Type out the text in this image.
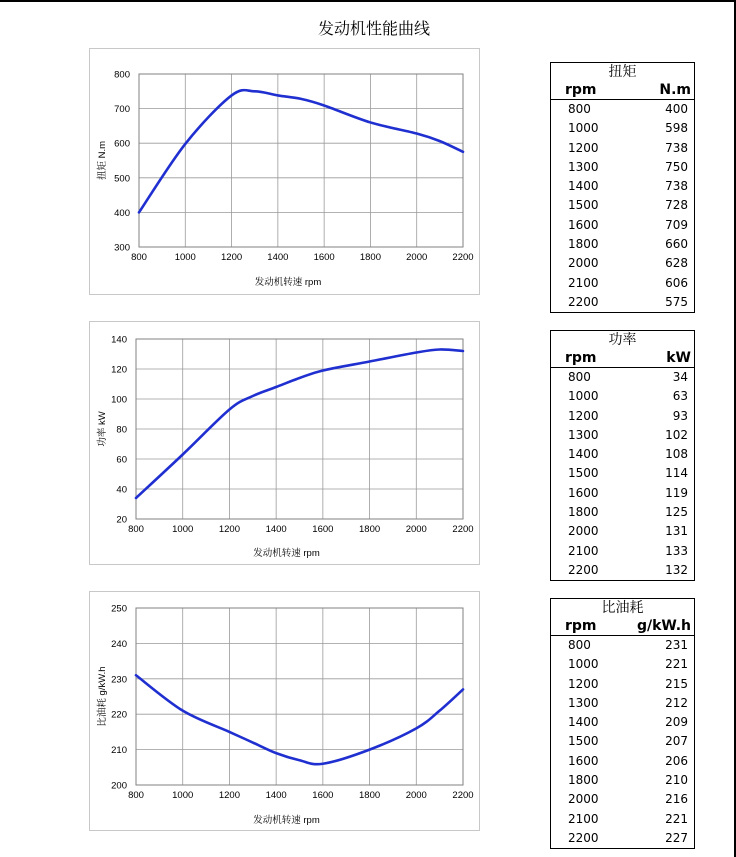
发动机性能曲线
800	1000	1200	1400	1600	1800	2000	2200
300
400
500
600
700
800
发动机转速 rpm
扭矩 N.m
800	1000	1200	1400	1600	1800	2000	2200
20
40
60
80
100
120
140
发动机转速 rpm
功率 kW
800	1000	1200	1400	1600	1800	2000	2200
200
210
220
230
240
250
发动机转速 rpm
比油耗 g/kW.h
扭矩
rpm	N.m
800	400
1000	598
1200	738
1300	750
1400	738
1500	728
1600	709
1800	660
2000	628
2100	606
2200	575
功率
rpm	kW
800	34
1000	63
1200	93
1300	102
1400	108
1500	114
1600	119
1800	125
2000	131
2100	133
2200	132
比油耗
rpm	g/kW.h
800	231
1000	221
1200	215
1300	212
1400	209
1500	207
1600	206
1800	210
2000	216
2100	221
2200	227
